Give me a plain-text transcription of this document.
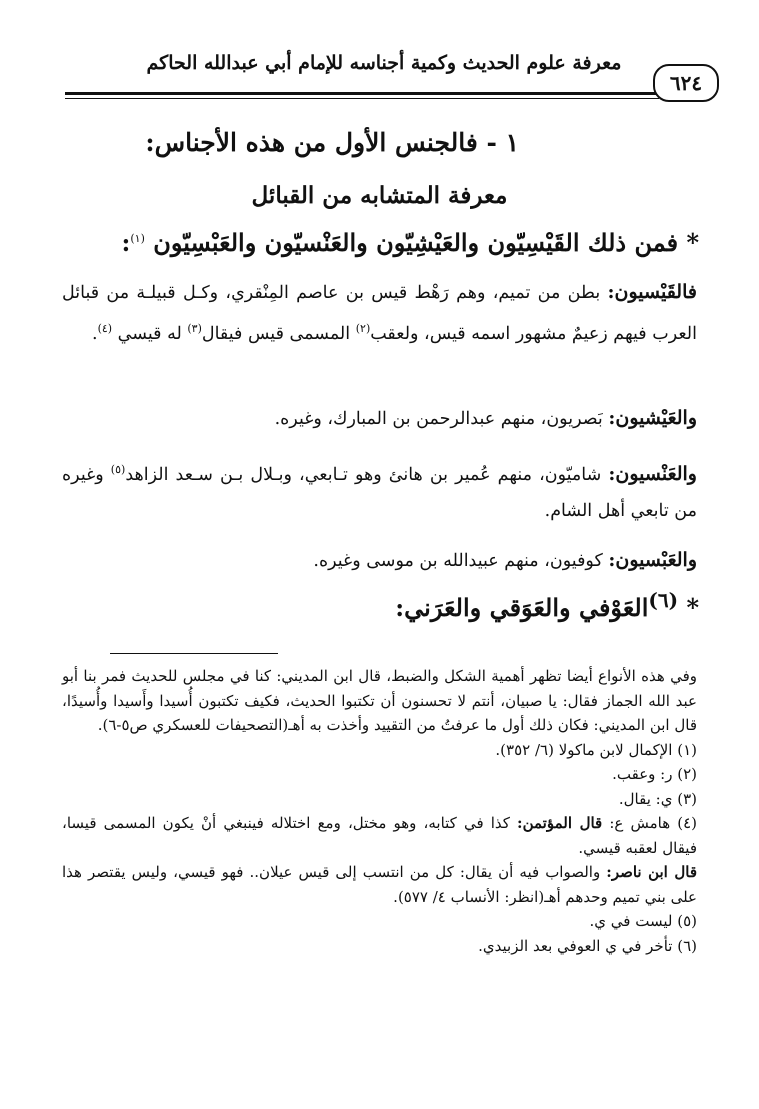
معرفة علوم الحديث وكمية أجناسه للإمام أبي عبدالله الحاكم
٦٢٤
١ - فالجنس الأول من هذه الأجناس:
معرفة المتشابه من القبائل
* فمن ذلك القَيْسِيّون والعَيْشِيّون والعَنْسيّون والعَبْسِيّون $^{(١)}$:

فالقَيْسيون: بطن من تميم، وهم رَهْط قيس بن عاصم المِنْقري، وكـل قبيلـة من قبائل العرب فيهم زعيمٌ مشهور اسمه قيس، ولعقب$^{(٢)}$ المسمى قيس فيقال$^{(٣)}$ له قيسي $^{(٤)}$.

والعَيْشيون: بَصريون، منهم عبدالرحمن بن المبارك، وغيره.

والعَنْسيون: شاميّون، منهم عُمير بن هانئ وهو تـابعي، وبـلال بـن سـعد الزاهد$^{(٥)}$ وغيره من تابعي أهل الشام.

والعَبْسيون: كوفيون، منهم عبيدالله بن موسى وغيره.

* $^{(٦)}$العَوْفي والعَوَقي والعَرَني:

وفي هذه الأنواع أيضا تظهر أهمية الشكل والضبط، قال ابن المديني: كنا في مجلس للحديث فمر بنا أبو عبد الله الجماز فقال: يا صبيان، أنتم لا تحسنون أن تكتبوا الحديث، فكيف تكتبون أُسيدا وأَسيدا وأُسيدًا، قال ابن المديني: فكان ذلك أول ما عرفتُ من التقييد وأخذت به أهـ(التصحيفات للعسكري ص٥-٦).

(١) الإكمال لابن ماكولا (٦/ ٣٥٢).

(٢) ر: وعقب.

(٣) ي: يقال.

(٤) هامش ع: قال المؤتمن: كذا في كتابه، وهو مختل، ومع اختلاله فينبغي أنْ يكون المسمى قيسا، فيقال لعقبه قيسي.

قال ابن ناصر: والصواب فيه أن يقال: كل من انتسب إلى قيس عيلان.. فهو قيسي، وليس يقتصر هذا على بني تميم وحدهم أهـ(انظر: الأنساب ٤/ ٥٧٧).

(٥) ليست في ي.

(٦) تأخر في ي العوفي بعد الزبيدي.
